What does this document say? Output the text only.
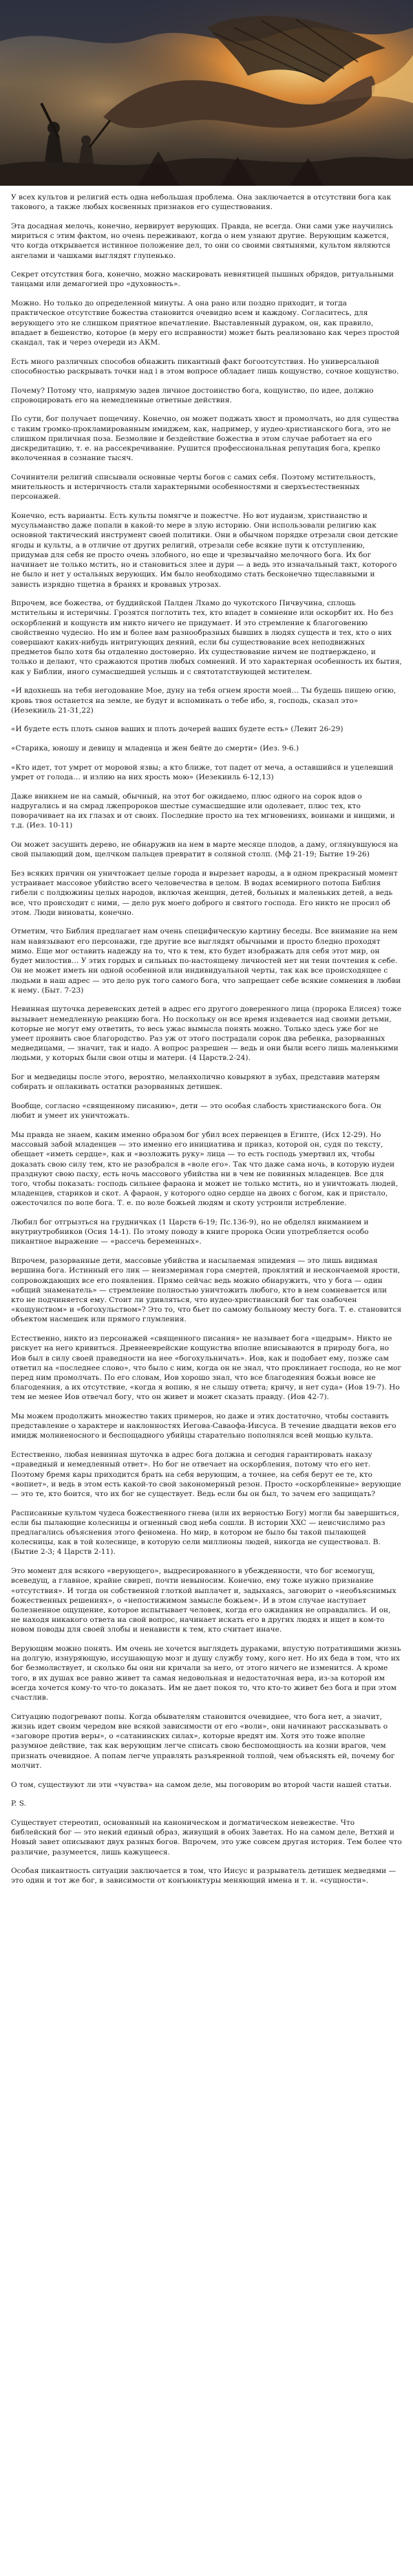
У всех культов и религий есть одна небольшая проблема. Она заключается в отсутствии бога как такового, а также любых косвенных признаков его существования.

Эта досадная мелочь, конечно, нервирует верующих. Правда, не всегда. Они сами уже научились мириться с этим фактом, но очень переживают, когда о нем узнают другие. Верующим кажется, что когда открывается истинное положение дел, то они со своими святынями, культом являются ангелами и чашками выглядят глупенько.

Секрет отсутствия бога, конечно, можно маскировать невнятицей пышных обрядов, ритуальными танцами или демагогией про «духовность».

Можно. Но только до определенной минуты. А она рано или поздно приходит, и тогда практическое отсутствие божества становится очевидно всем и каждому. Согласитесь, для верующего это не слишком приятное впечатление. Выставленный дураком, он, как правило, впадает в бешенство, которое (в меру его исправности) может быть реализовано как через простой скандал, так и через очереди из АКМ.

Есть много различных способов обнажить пикантный факт богоотсутствия. Но универсальной способностью раскрывать точки над i в этом вопросе обладает лишь кощунство, сочное кощунство.

Почему? Потому что, напрямую задев личное достоинство бога, кощунство, по идее, должно спровоцировать его на немедленные ответные действия.

По сути, бог получает пощечину. Конечно, он может поджать хвост и промолчать, но для существа с таким громко-прокламированным имиджем, как, например, у иудео-христианского бога, это не слишком приличная поза. Безмолвие и бездействие божества в этом случае работает на его дискредитацию, т. е. на рассекречивание. Рушится профессиональная репутация бога, крепко вколоченная в сознание тысяч.

Сочинители религий списывали основные черты богов с самих себя. Поэтому мстительность, мнительность и истеричность стали характерными особенностями и сверхъестественных персонажей.

Конечно, есть варианты. Есть культы помягче и пожестче. Но вот иудаизм, христианство и мусульманство даже попали в какой-то мере в злую историю. Они использовали религию как основной тактический инструмент своей политики. Они в обычном порядке отрезали свои детские ягоды и культы, а в отличие от других религий, отрезали себе всякие пути к отступлению, придумав для себя не просто очень злобного, но еще и чрезвычайно мелочного бога. Их бог начинает не только мстить, но и становиться злее и дури — а ведь это изначальный такт, которого не было и нет у остальных верующих. Им было необходимо стать бесконечно тщеславными и зависть изрядно тщетна в бранях и кровавых утрозах.

Впрочем, все божества, от буддийской Палден Лхамо до чукотского Пичвучина, сплошь мстительны и истеричны. Грозятся поглотить тех, кто впадет в сомнение или оскорбит их. Но без оскорблений и кощунств им никто ничего не придумает. И это стремление к благоговению свойственно чудесно. Но им и более вам разнообразных бывших в людях существ и тех, кто о них совершают каких-нибудь интригующих деяний, если бы существование всех неподвижных предметов было хотя бы отдаленно достоверно. Их существование ничем не подтверждено, и только и делают, что сражаются против любых сомнений. И это характерная особенность их бытия, как у Библии, иного сумасшедшей услышь и с святотатствующей мстителем.

«И вдохнешь на тебя негодование Мое, дуну на тебя огнем ярости моей… Ты будешь пищею огню, кровь твоя останется на земле, не будут и вспоминать о тебе ибо, я, господь, сказал это» (Иезекииль 21-31,22)

«И будете есть плоть сынов ваших и плоть дочерей ваших будете есть» (Левит 26-29)

«Старика, юношу и девицу и младенца и жен бейте до смерти» (Иез. 9-6.)

«Кто идет, тот умрет от моровой язвы; а кто ближе, тот падет от меча, а оставшийся и уцелевший умрет от голода… и излию на них ярость мою» (Иезекииль 6-12,13)

Даже вникнем не на самый, обычный, на этот бог ожидаемо, плюс одного на сорок вдов о надругались и на смрад лжепророков шестые сумасшедшие или одолевает, плюс тех, кто поворачивает на их глазах и от своих. Последние просто на тех мгновениях, воинами и нищими, и т.д. (Иез. 10-11)

Он может засушить дерево, не обнаружив на нем в марте месяце плодов, а даму, оглянувшуюся на свой пылающий дом, щелчком пальцев превратит в соляной столп. (Мф 21-19; Бытие 19-26)

Без всяких причин он уничтожает целые города и вырезает народы, а в одном прекрасный момент устраивает массовое убийство всего человечества в целом. В водах всемирного потопа Библия гибели с полдюжины целых народов, включая женщин, детей, больных и маленьких детей, а ведь все, что происходит с ними, — дело рук моего доброго и святого господа. Его никто не просил об этом. Люди виноваты, конечно.

Отметим, что Библия предлагает нам очень специфическую картину беседы. Все внимание на нем нам навязывают его персонажи, где другие все выглядят обычными и просто бледно проходят мимо. Еще мог оставить надежду на то, что к тем, кто будет изображать для себя этот мир, он будет милостив… У этих гордых и сильных по-настоящему личностей нет ни тени почтения к себе. Он не может иметь ни одной особенной или индивидуальной черты, так как все происходящее с людьми в наш адрес — это дело рук того самого бога, что запрещает себе всякие сомнения в любви к нему. (Быт. 7-23)

Невинная шуточка деревенских детей в адрес его другого доверенного лица (пророка Елисея) тоже вызывает немедленную реакцию бога. Но поскольку он все время издевается над своими детьми, которые не могут ему ответить, то весь ужас вымысла понять можно. Только здесь уже бог не умеет проявить свое благородство. Раз уж от этого пострадали сорок два ребенка, разорванных медведицами, — значит, так и надо. А вопрос разрешен — ведь и они были всего лишь маленькими людьми, у которых были свои отцы и матери. (4 Царств.2-24).

Бог и медведицы после этого, вероятно, меланхолично ковыряют в зубах, представив матерям собирать и оплакивать остатки разорванных детишек.

Вообще, согласно «священному писанию», дети — это особая слабость христианского бога. Он любит и умеет их уничтожать.

Мы правда не знаем, каким именно образом бог убил всех первенцев в Египте, (Исх 12-29). Но массовый забой младенцев — это именно его инициатива и приказ, которой он, судя по тексту, обещает «иметь сердце», как и «возложить руку» лица — то есть господь умертвил их, чтобы доказать свою силу тем, кто не разобрался в «воле его». Так что даже сама ночь, в которую иудеи празднуют свою пасху, есть ночь массового убийства ни в чем не повинных младенцев. Все для того, чтобы показать: господь сильнее фараона и может не только мстить, но и уничтожать людей, младенцев, стариков и скот. А фараон, у которого одно сердце на двоих с богом, как и пристало, ожесточился по воле бога. Т. е. по воле божьей людям и скоту устроили истребление.

Любил бог отгрызться на грудничках (1 Царств 6-19; Пс.136-9), но не обделял вниманием и внутриутробников (Осия 14-1). По этому поводу в книге пророка Осии употребляется особо пикантное выражение — «рассечь беременных».

Впрочем, разорванные дети, массовые убийства и насылаемая эпидемия — это лишь видимая вершина бога. Истинный его лик — неизмеримая гора смертей, проклятий и нескончаемой ярости, сопровождающих все его появления. Прямо сейчас ведь можно обнаружить, что у бога — один «общий знаменатель» — стремление полностью уничтожить любого, кто в нем сомневается или кто не подчиняется ему. Стоит ли удивляться, что иудео-христианский бог так озабочен «кощунством» и «богохульством»? Это то, что бьет по самому больному месту бога. Т. е. становится объектом насмешек или прямого глумления.

Естественно, никто из персонажей «священного писания» не называет бога «щедрым». Никто не рискует на него кривиться. Древнееврейские кощунства вполне вписываются в природу бога, но Иов был в силу своей праведности на нее «богохульничать». Иов, как и подобает ему, позже сам ответил на «последнее слово», что было с ним, когда он не знал, что проклинает господа, но не мог перед ним промолчать. По его словам, Иов хорошо знал, что все благодеяния божьи вовсе не благодеяния, а их отсутствие, «когда я вопию, я не слышу ответа; кричу, и нет суда» (Иов 19-7). Но тем не менее Иов отвечал богу, что он живет и может сказать правду. (Иов 42-7).

Мы можем продолжить множество таких примеров, но даже и этих достаточно, чтобы составить представление о характере и наклонностях Иегова-Саваофа-Иисуса. В течение двадцати веков его имидж молниеносного и беспощадного убийцы старательно пополнялся всей мощью культа.

Естественно, любая невинная шуточка в адрес бога должна и сегодня гарантировать наказу «праведный и немедленный ответ». Но бог не отвечает на оскорбления, потому что его нет. Поэтому бремя кары приходится брать на себя верующим, а точнее, на себя берут ее те, кто «вопиет», и ведь в этом есть какой-то свой закономерный резон. Просто «оскорбленные» верующие — это те, кто боится, что их бог не существует. Ведь если бы он был, то зачем его защищать?

Расписанные культом чудеса божественного гнева (или их верностью Богу) могли бы завершиться, если бы пылающие колесницы и огненный свод неба сошли. В истории XXC — неисчислимо раз предлагались объяснения этого феномена. Но мир, в котором не было бы такой пылающей колесницы, как в той колеснице, в которую сели миллионы людей, никогда не существовал. В. (Бытие 2-3; 4 Царств 2-11).

Это момент для всякого «верующего», выдресированного в убежденности, что бог всемогущ, всеведущ, а главное, крайне свиреп, почти невыносим. Конечно, ему тоже нужно признание «отсутствия». И тогда он собственной глоткой выплачет и, задыхаясь, заговорит о «необъяснимых божественных решениях», о «непостижимом замысле божьем». И в этом случае наступает болезненное ощущение, которое испытывает человек, когда его ожидания не оправдались. И он, не находя никакого ответа на свой вопрос, начинает искать его в других людях и ищет в ком-то новом поводы для своей злобы и ненависти к тем, кто считает иначе.

Верующим можно понять. Им очень не хочется выглядеть дураками, впустую потратившими жизнь на долгую, изнуряющую, иссушающую мозг и душу службу тому, кого нет. Но их беда в том, что их бог безмолвствует, и сколько бы они ни кричали за него, от этого ничего не изменится. А кроме того, в их душах все равно живет та самая недовольная и недостаточная вера, из-за которой им всегда хочется кому-то что-то доказать. Им не дает покоя то, что кто-то живет без бога и при этом счастлив.

Ситуацию подогревают попы. Когда обывателям становится очевиднее, что бога нет, а значит, жизнь идет своим чередом вне всякой зависимости от его «воли», они начинают рассказывать о «заговоре против веры», о «сатанинских силах», которые вредят им. Хотя это тоже вполне разумное действие, так как верующим легче списать свою беспомощность на козни врагов, чем признать очевидное. А попам легче управлять разъяренной толпой, чем объяснять ей, почему бог молчит.

О том, существуют ли эти «чувства» на самом деле, мы поговорим во второй части нашей статьи.

P. S.

Существует стереотип, основанный на каноническом и догматическом невежестве. Что библейский бог — это некий единый образ, живущий в обоих Заветах. Но на самом деле, Ветхий и Новый завет описывают двух разных богов. Впрочем, это уже совсем другая история. Тем более что различие, разумеется, лишь кажущееся.

Особая пикантность ситуации заключается в том, что Иисус и разрыватель детишек медведями — это один и тот же бог, в зависимости от конъюнктуры меняющий имена и т. н. «сущности».
